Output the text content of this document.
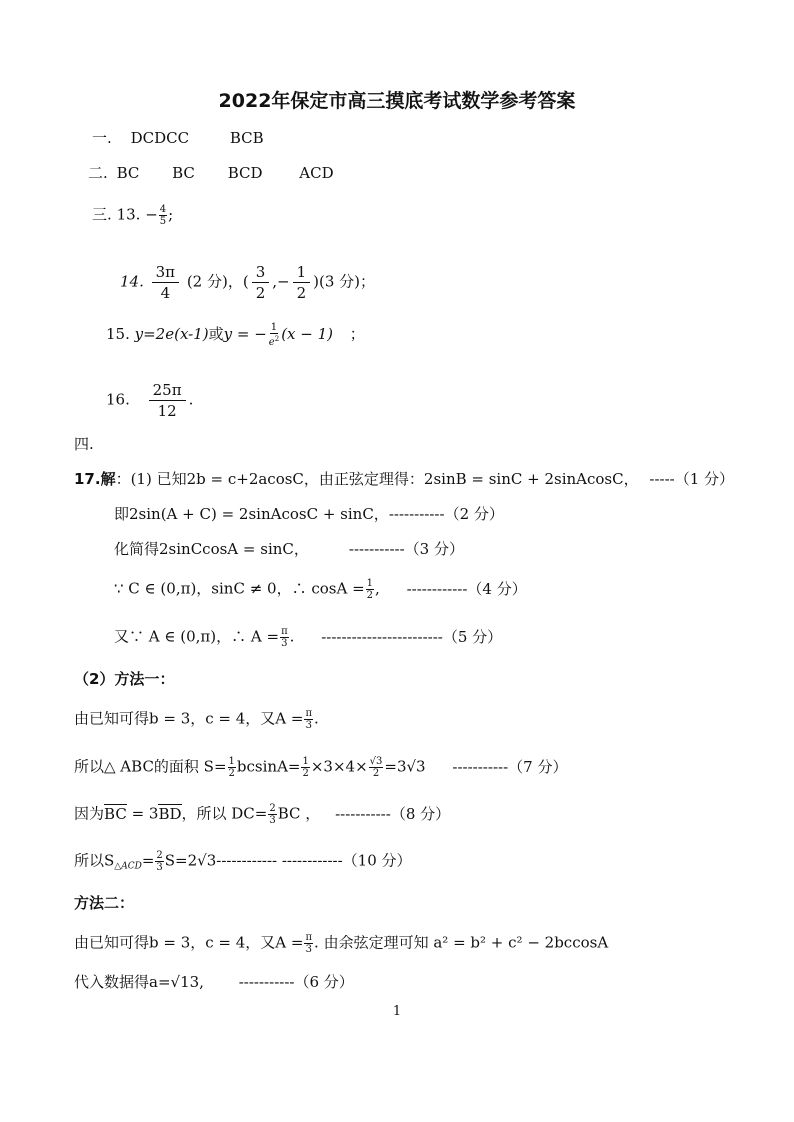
2022年保定市高三摸底考试数学参考答案
一. DCDCC	BCB
二. BC BC BCD ACD
三. 13. − $\frac{4}{5}$ ;
14. $\frac{3\pi}{4} (2$ 分)，( $\frac{3}{2}$ ,− $\frac{1}{2} )(3$ 分)；
15. y=2e(x-1)或y = − $\frac{1}{e^2} (x - 1)$ ；
16. $\frac{25\pi}{12}$ .
四.
17.解：(1) 已知2b = c+2acosC，由正弦定理得：2sinB = sinC + 2sinAcosC， -----（1 分）
即2sin(A + C) = 2sinAcosC + sinC，-----------（2 分）
化简得2sinCcosA = sinC，	-----------（3 分）
∵ C ∈ (0,π)，sinC ≠ 0，∴ $\cos A = \frac{1}{2}$ , ------------（4 分）
又∵ A ∈ (0,π)，∴ $A = \frac{\pi}{3}$ . ------------------------（5 分）
（2）方法一：
由已知可得b = 3，c = 4，又$A = \frac{\pi}{3}$ .
所以△ ABC的面积 $S= \frac{1}{2} bcsinA= \frac{1}{2} \times 3\times 4\times \frac{√3}{2} =3√3$ -----------（7 分）
因为BC = 3BD，所以 $DC= \frac{2}{3}$ BC ， -----------（8 分）
所以$S_{\triangle ACD}= \frac{2}{3} S=2√3------------$ ------------（10 分）
方法二：
由已知可得b = 3，c = 4，又$A = \frac{\pi}{3}$ . 由余弦定理可知 a² = b² + c² − 2bccosA
代入数据得a=√13, -----------（6 分）
1
